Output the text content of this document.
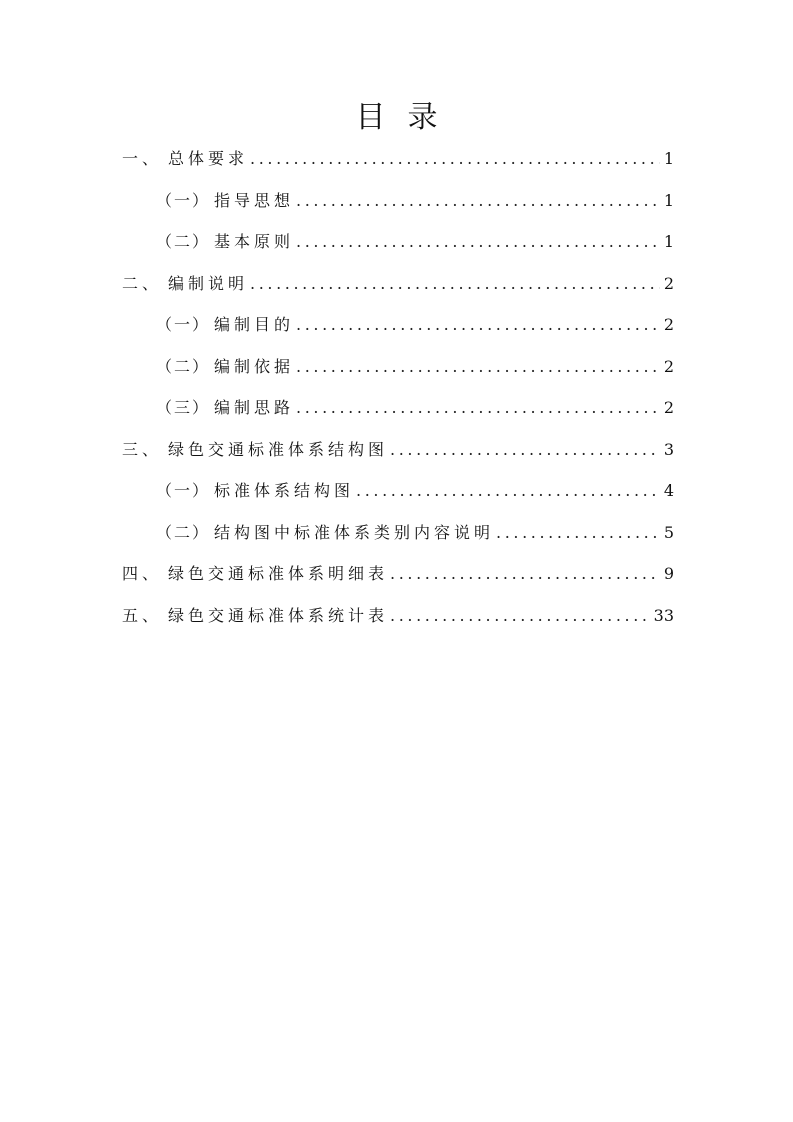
目录
一、 总体要求 .....	1
（一） 指导思想 .....	1
（二） 基本原则 .....	1
二、 编制说明 .....	2
（一） 编制目的 .....	2
（二） 编制依据 .....	2
（三） 编制思路 .....	2
三、 绿色交通标准体系结构图 .....	3
（一） 标准体系结构图 .....	4
（二） 结构图中标准体系类别内容说明 .....	5
四、 绿色交通标准体系明细表 .....	9
五、 绿色交通标准体系统计表 .....	33
